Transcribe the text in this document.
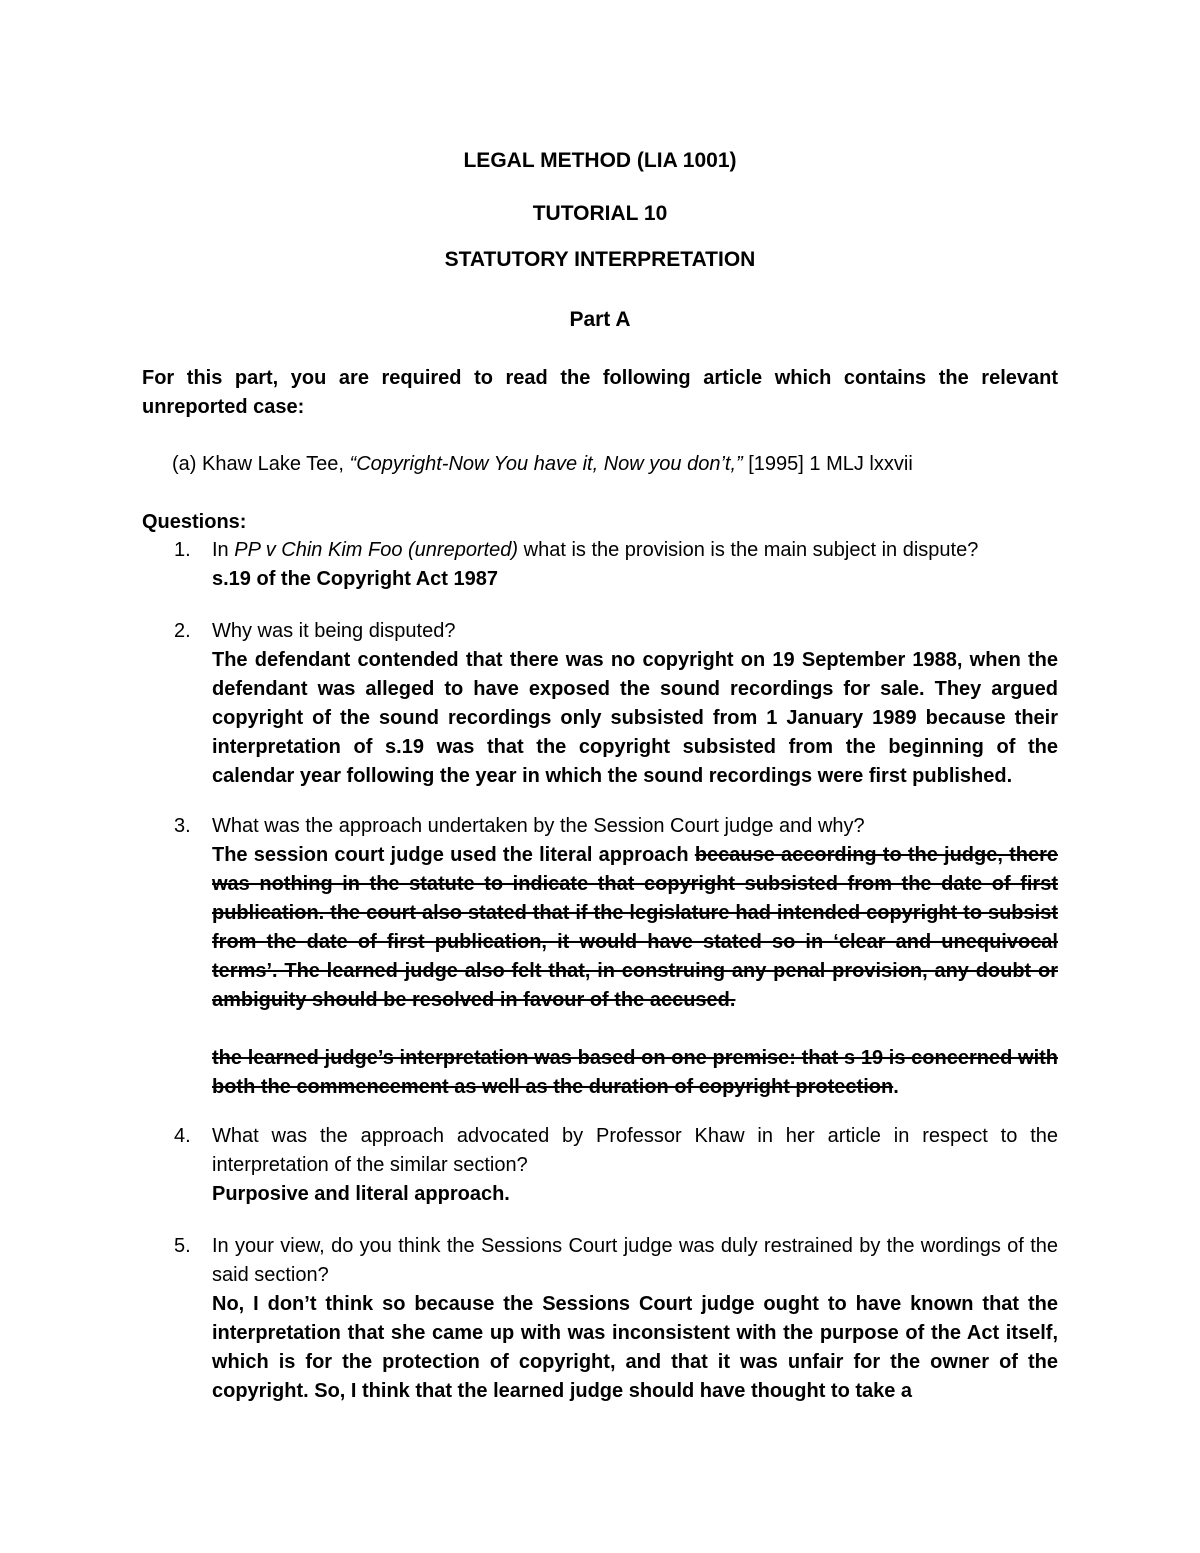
LEGAL METHOD (LIA 1001)
TUTORIAL 10
STATUTORY INTERPRETATION
Part A
For this part, you are required to read the following article which contains the relevant unreported case:
(a) Khaw Lake Tee, “Copyright-Now You have it, Now you don’t,” [1995] 1 MLJ lxxvii
Questions:
1.	In PP v Chin Kim Foo (unreported) what is the provision is the main subject in dispute?
s.19 of the Copyright Act 1987
2.	Why was it being disputed?
The defendant contended that there was no copyright on 19 September 1988, when the defendant was alleged to have exposed the sound recordings for sale. They argued copyright of the sound recordings only subsisted from 1 January 1989 because their interpretation of s.19 was that the copyright subsisted from the beginning of the calendar year following the year in which the sound recordings were first published.
3.	What was the approach undertaken by the Session Court judge and why?
The session court judge used the literal approach because according to the judge, there was nothing in the statute to indicate that copyright subsisted from the date of first publication. the court also stated that if the legislature had intended copyright to subsist from the date of first publication, it would have stated so in ‘clear and unequivocal terms’. The learned judge also felt that, in construing any penal provision, any doubt or ambiguity should be resolved in favour of the accused.
the learned judge’s interpretation was based on one premise: that s 19 is concerned with both the commencement as well as the duration of copyright protection.
4.	What was the approach advocated by Professor Khaw in her article in respect to the interpretation of the similar section?
Purposive and literal approach.
5.	In your view, do you think the Sessions Court judge was duly restrained by the wordings of the said section?
No, I don’t think so because the Sessions Court judge ought to have known that the interpretation that she came up with was inconsistent with the purpose of the Act itself, which is for the protection of copyright, and that it was unfair for the owner of the copyright. So, I think that the learned judge should have thought to take a
